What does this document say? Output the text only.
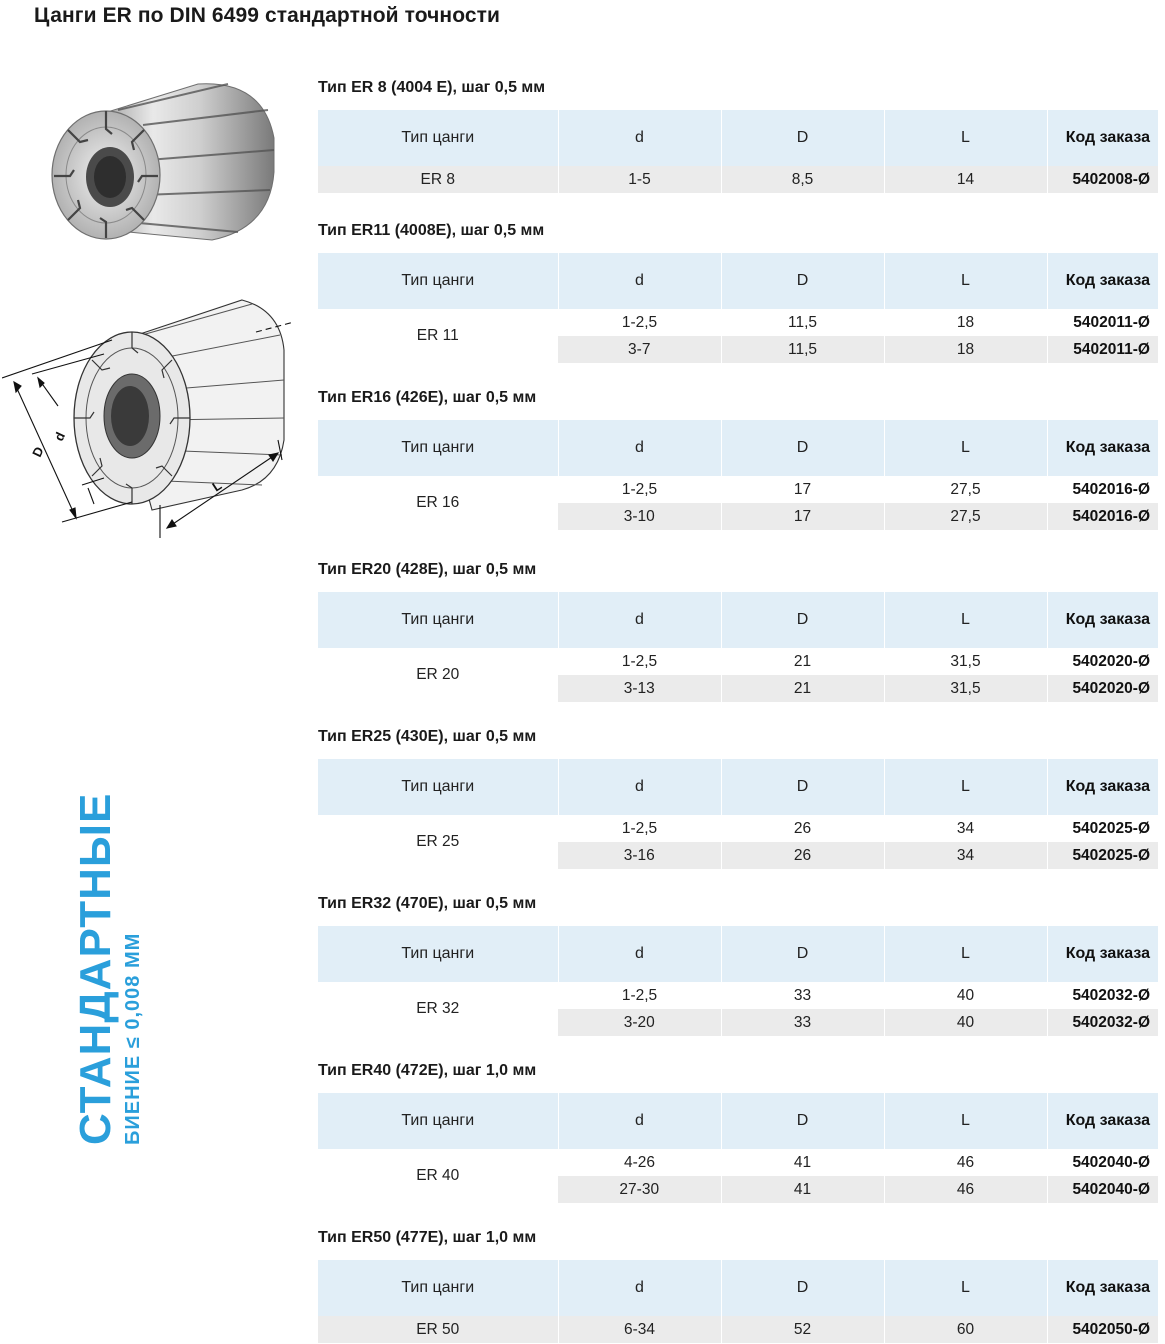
Цанги ER по DIN 6499 стандартной точности
D
d
L
СТАНДАРТНЫЕ БИЕНИЕ ≤ 0,008 ММ
Тип ER 8 (4004 E), шаг 0,5 мм
Тип цанги	d	D	L	Код заказа
ER 8	1-5	8,5	14	5402008-Ø
Тип ER11 (4008E), шаг 0,5 мм
Тип цанги	d	D	L	Код заказа
ER 11	1-2,5	11,5	18	5402011-Ø
	3-7	11,5	18	5402011-Ø
Тип ER16 (426E), шаг 0,5 мм
Тип цанги	d	D	L	Код заказа
ER 16	1-2,5	17	27,5	5402016-Ø
	3-10	17	27,5	5402016-Ø
Тип ER20 (428E), шаг 0,5 мм
Тип цанги	d	D	L	Код заказа
ER 20	1-2,5	21	31,5	5402020-Ø
	3-13	21	31,5	5402020-Ø
Тип ER25 (430E), шаг 0,5 мм
Тип цанги	d	D	L	Код заказа
ER 25	1-2,5	26	34	5402025-Ø
	3-16	26	34	5402025-Ø
Тип ER32 (470E), шаг 0,5 мм
Тип цанги	d	D	L	Код заказа
ER 32	1-2,5	33	40	5402032-Ø
	3-20	33	40	5402032-Ø
Тип ER40 (472E), шаг 1,0 мм
Тип цанги	d	D	L	Код заказа
ER 40	4-26	41	46	5402040-Ø
	27-30	41	46	5402040-Ø
Тип ER50 (477E), шаг 1,0 мм
Тип цанги	d	D	L	Код заказа
ER 50	6-34	52	60	5402050-Ø
